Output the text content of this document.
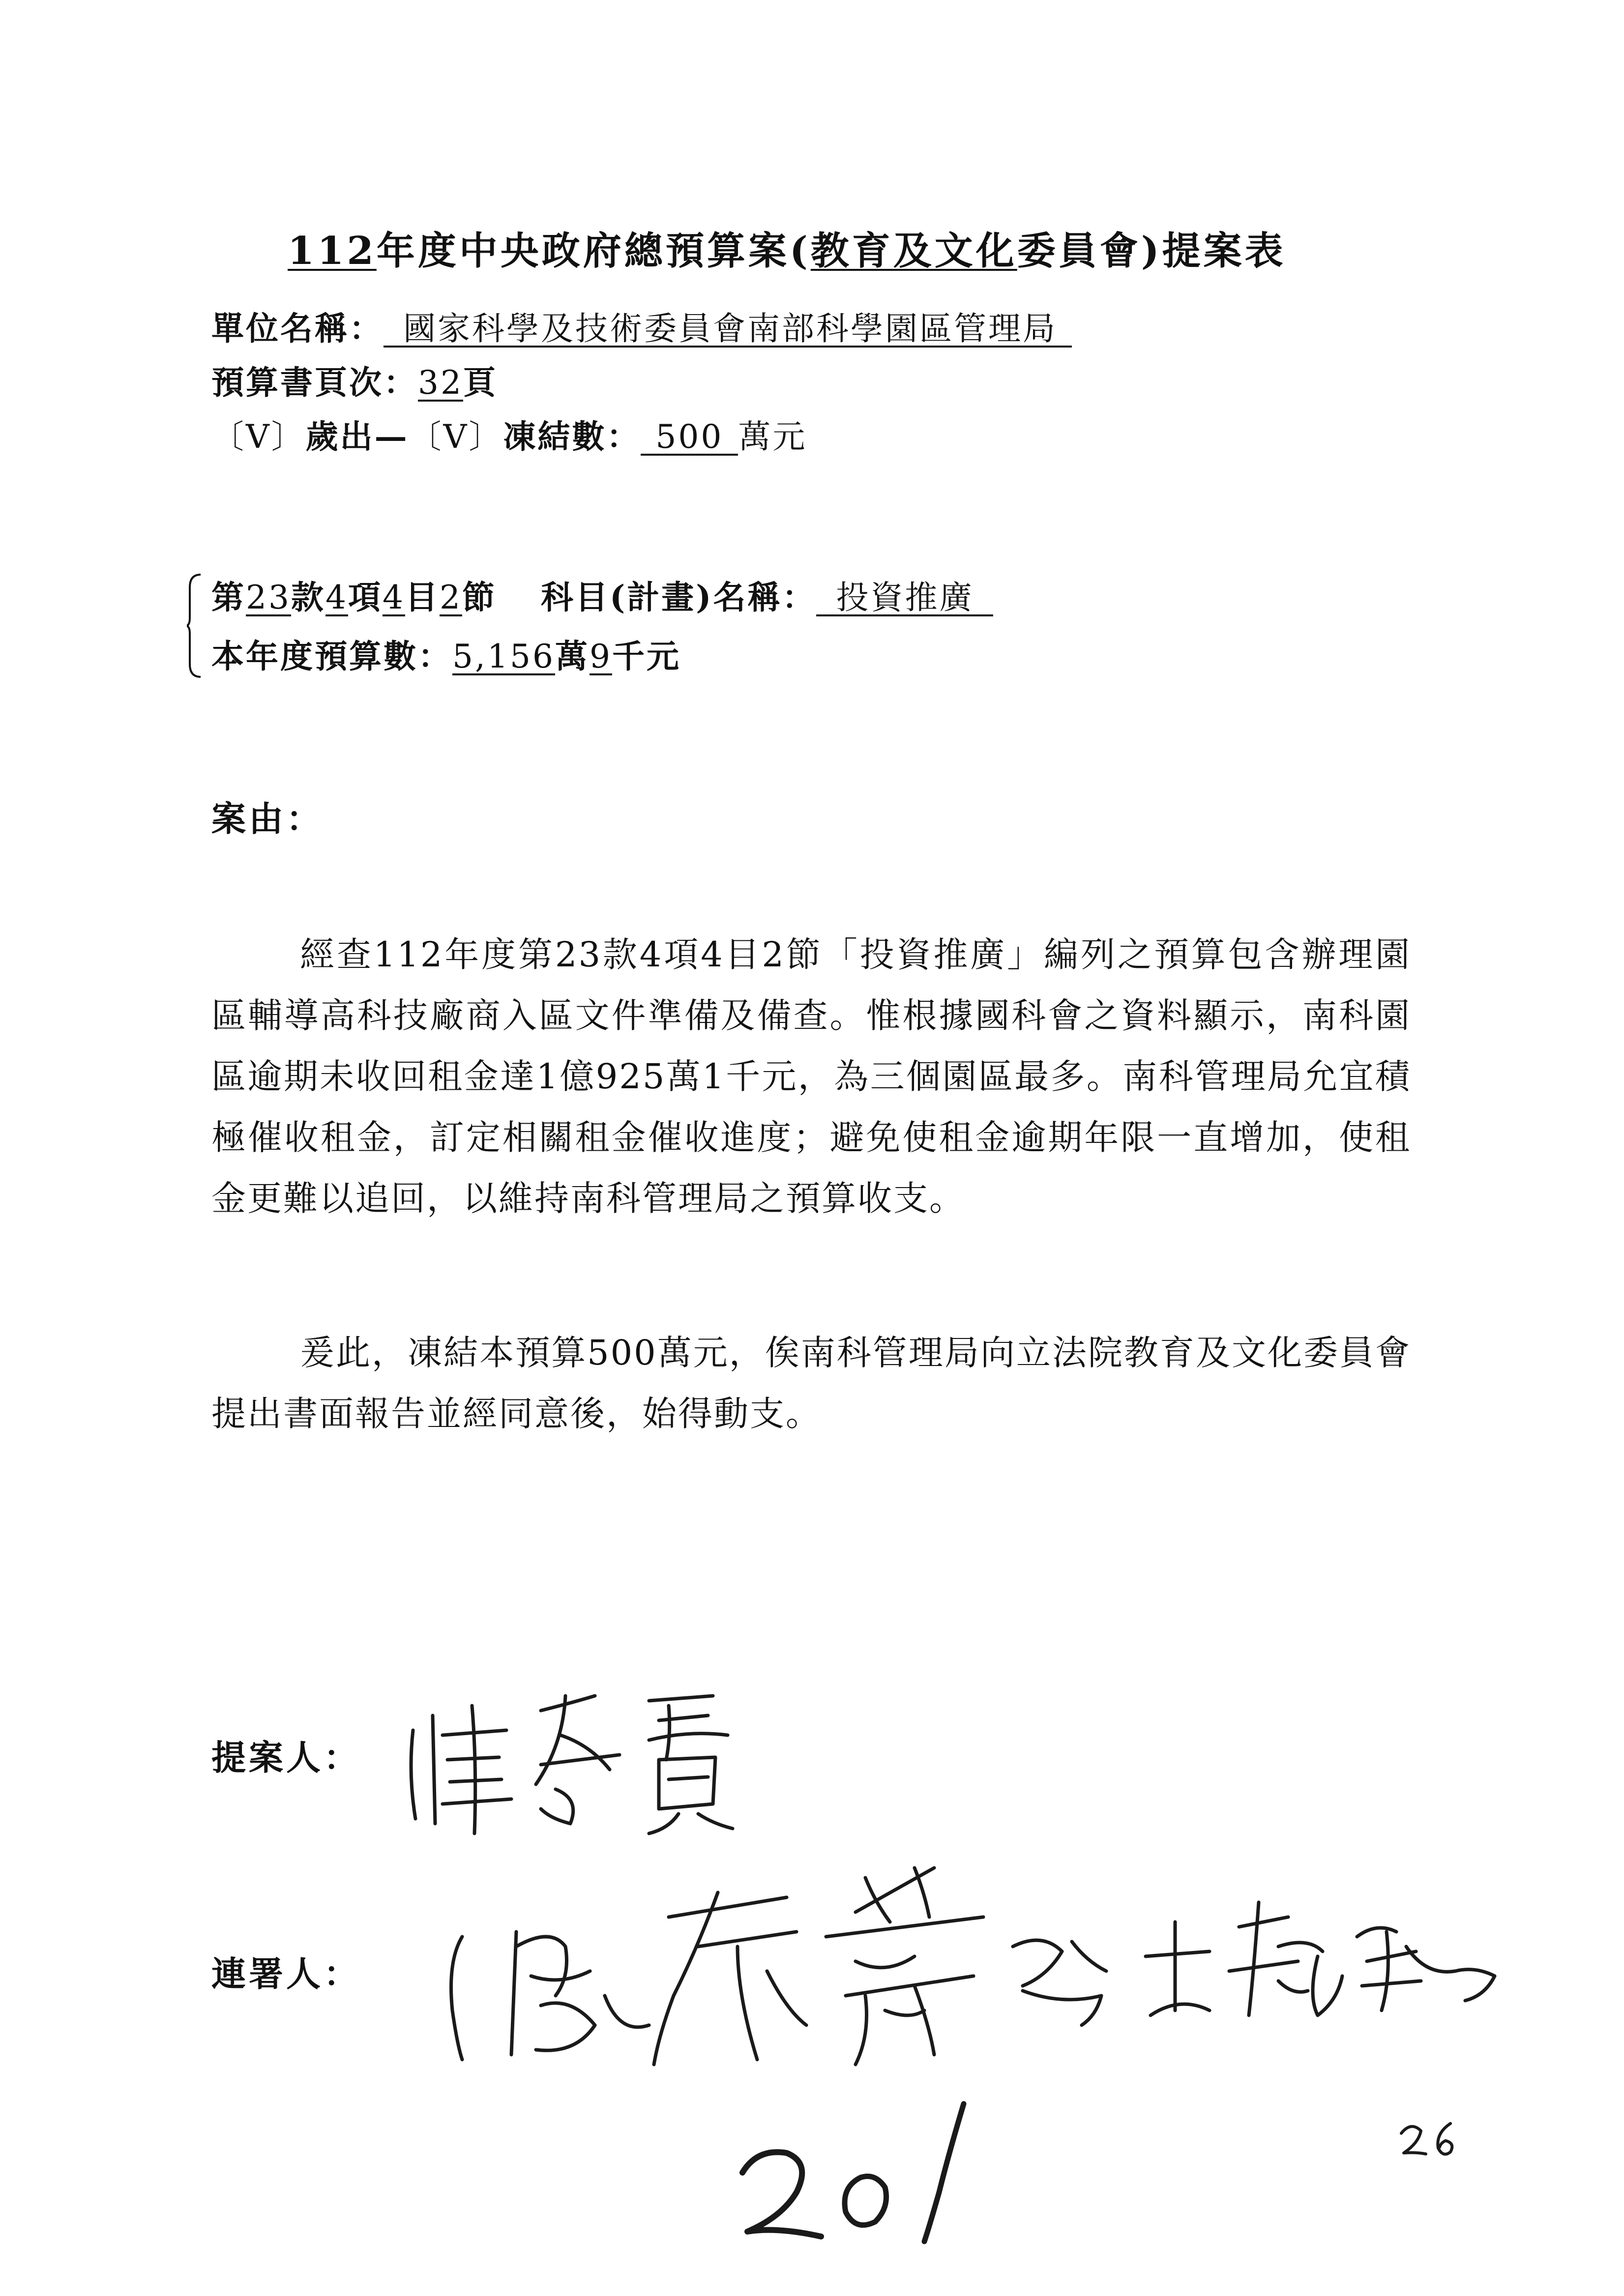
112年度中央政府總預算案(教育及文化委員會)提案表
單位名稱： 國家科學及技術委員會南部科學園區管理局
預算書頁次：32頁
〔V〕歲出—〔V〕凍結數： 500 萬元
第23款4項4目2節 科目(計畫)名稱： 投資推廣
本年度預算數：5,156萬9千元
案由：
經查112年度第23款4項4目2節「投資推廣」編列之預算包含辦理園區輔導高科技廠商入區文件準備及備查。惟根據國科會之資料顯示，南科園區逾期未收回租金達1億925萬1千元，為三個園區最多。南科管理局允宜積極催收租金，訂定相關租金催收進度；避免使租金逾期年限一直增加，使租金更難以追回，以維持南科管理局之預算收支。
爰此，凍結本預算500萬元，俟南科管理局向立法院教育及文化委員會提出書面報告並經同意後，始得動支。
提案人：
連署人：
